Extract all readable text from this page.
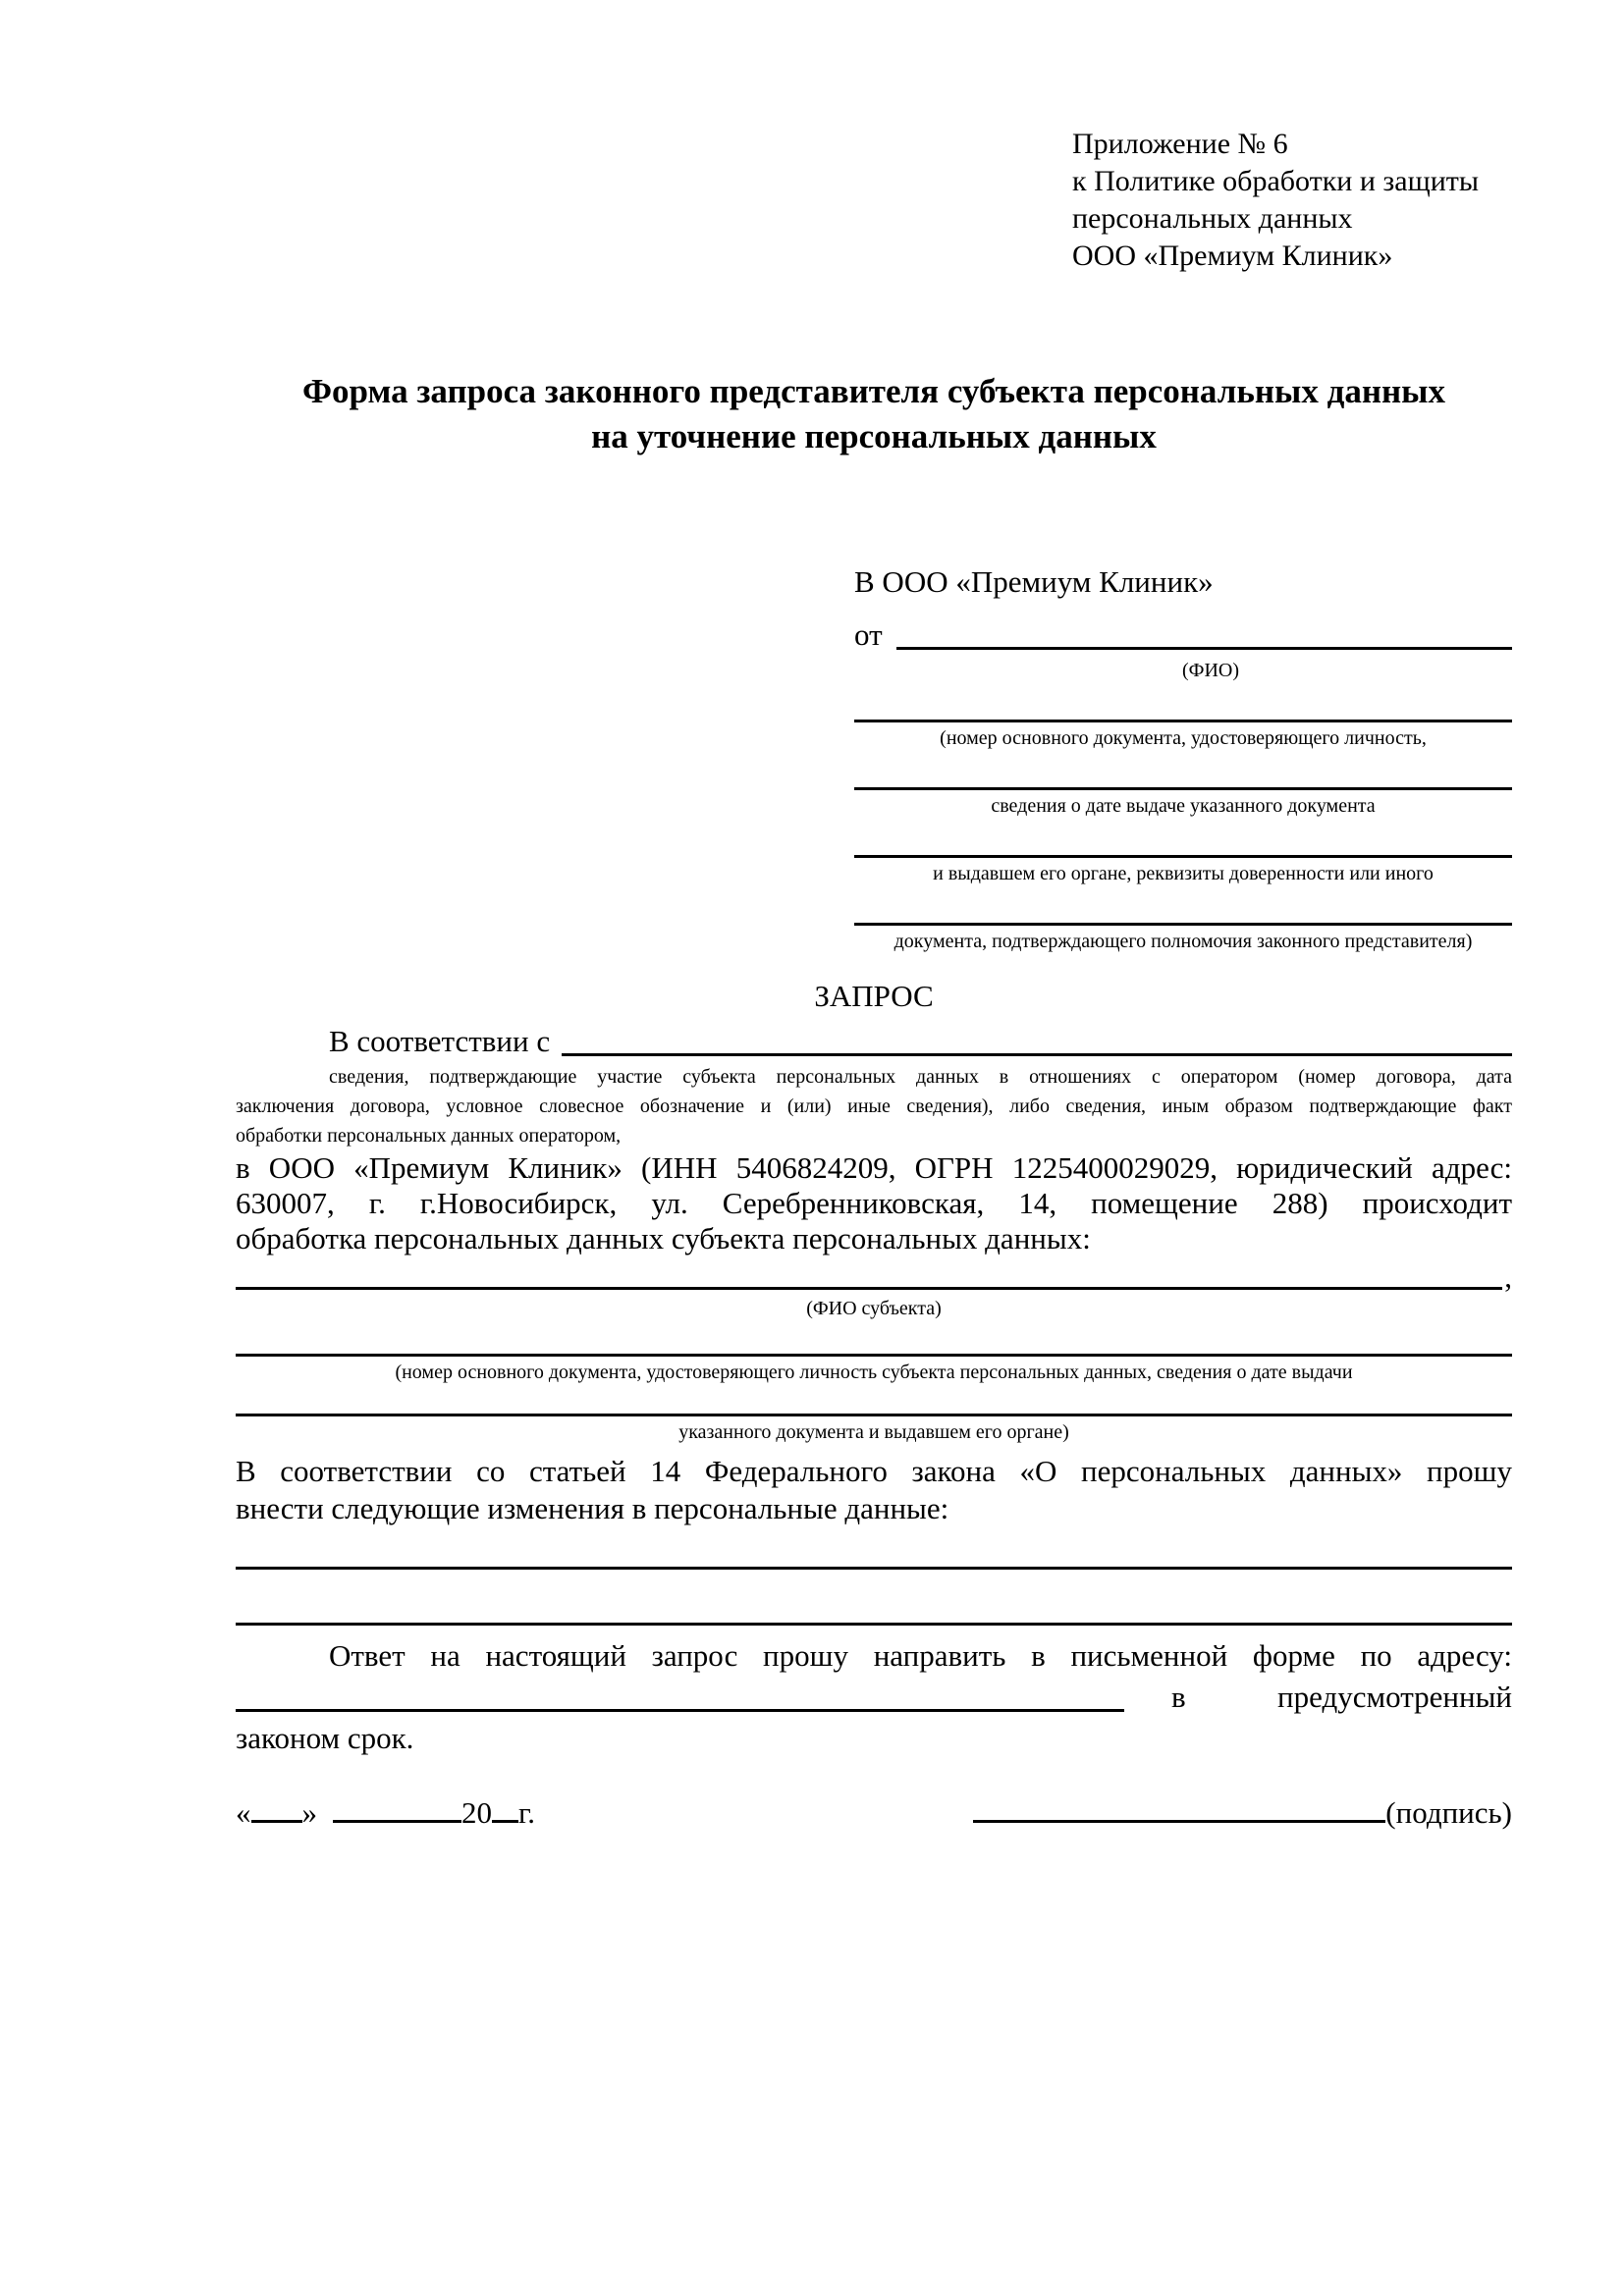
Приложение № 6
к Политике обработки и защиты
персональных данных
ООО «Премиум Клиник»
Форма запроса законного представителя субъекта персональных данных
на уточнение персональных данных
В ООО «Премиум Клиник»
от
(ФИО)
(номер основного документа, удостоверяющего личность,
сведения о дате выдаче указанного документа
и выдавшем его органе, реквизиты доверенности или иного
документа, подтверждающего полномочия законного представителя)
ЗАПРОС
В соответствии с
сведения, подтверждающие участие субъекта персональных данных в отношениях с оператором (номер договора, дата
заключения договора, условное словесное обозначение и (или) иные сведения), либо сведения, иным образом подтверждающие факт
обработки персональных данных оператором,
в ООО «Премиум Клиник» (ИНН 5406824209, ОГРН 1225400029029, юридический адрес:
630007, г. г.Новосибирск, ул. Серебренниковская, 14, помещение 288) происходит
обработка персональных данных субъекта персональных данных:
,
(ФИО субъекта)
(номер основного документа, удостоверяющего личность субъекта персональных данных, сведения о дате выдачи
указанного документа и выдавшем его органе)
В соответствии со статьей 14 Федерального закона «О персональных данных» прошу
внести следующие изменения в персональные данные:
Ответ на настоящий запрос прошу направить в письменной форме по адресу:
в	предусмотренный
законом срок.
« »	20 г.	(подпись)
